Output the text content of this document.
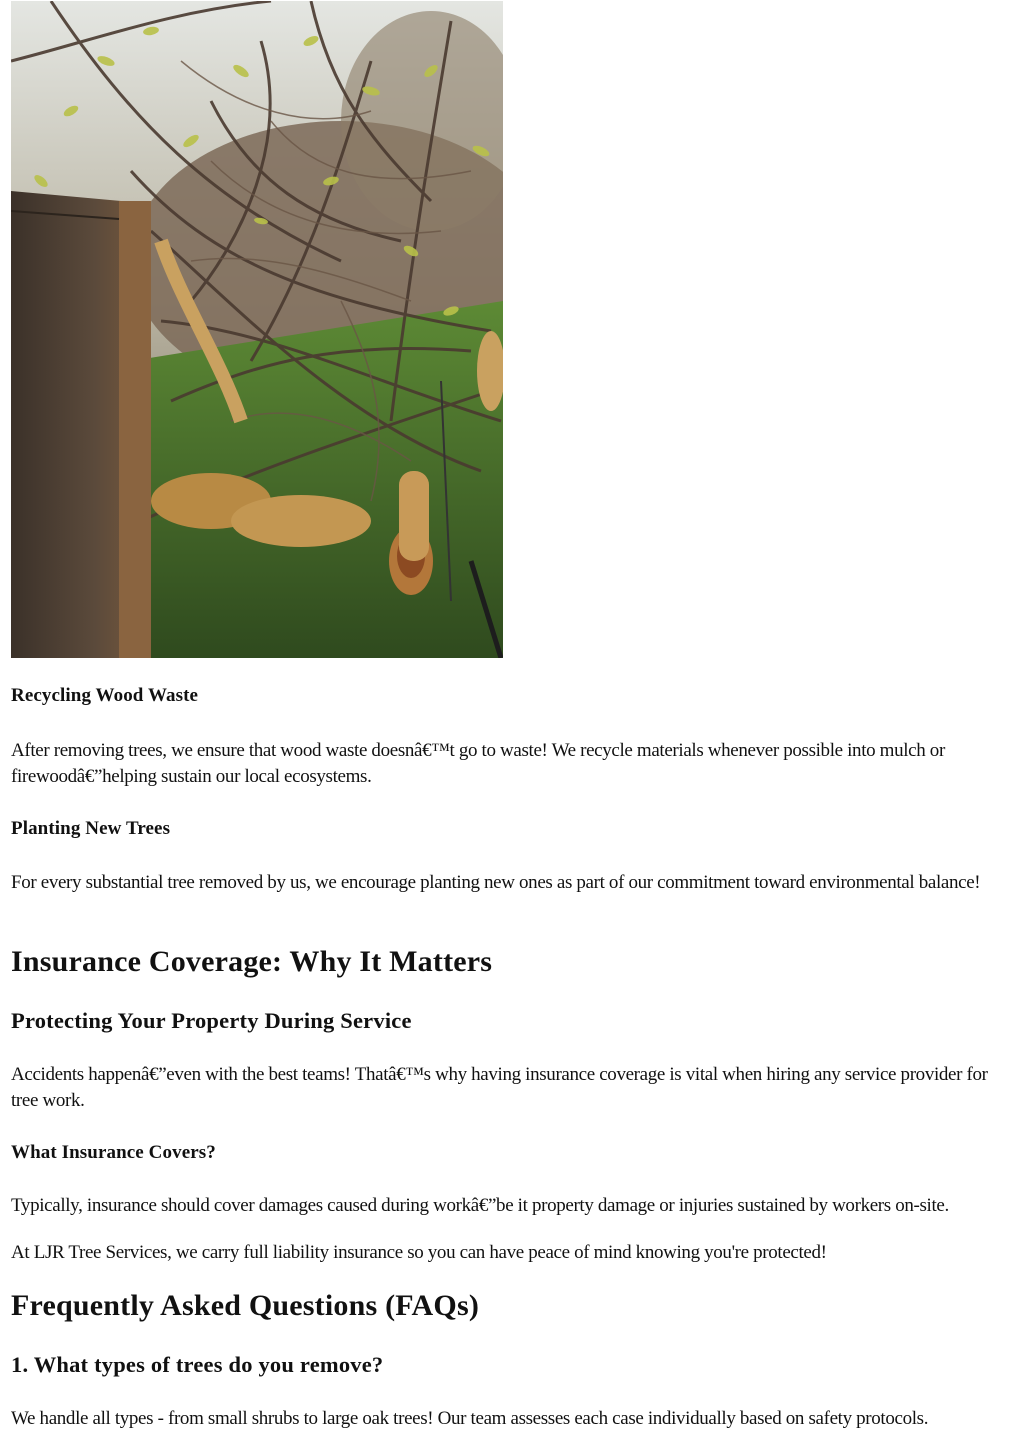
Recycling Wood Waste

After removing trees, we ensure that wood waste doesnâ€™t go to waste! We recycle materials whenever possible into mulch or firewoodâ€”helping sustain our local ecosystems.

Planting New Trees

For every substantial tree removed by us, we encourage planting new ones as part of our commitment toward environmental balance!

Insurance Coverage: Why It Matters
Protecting Your Property During Service

Accidents happenâ€”even with the best teams! Thatâ€™s why having insurance coverage is vital when hiring any service provider for tree work.

What Insurance Covers?

Typically, insurance should cover damages caused during workâ€”be it property damage or injuries sustained by workers on-site.

At LJR Tree Services, we carry full liability insurance so you can have peace of mind knowing you're protected!

Frequently Asked Questions (FAQs)
1. What types of trees do you remove?

We handle all types - from small shrubs to large oak trees! Our team assesses each case individually based on safety protocols.
